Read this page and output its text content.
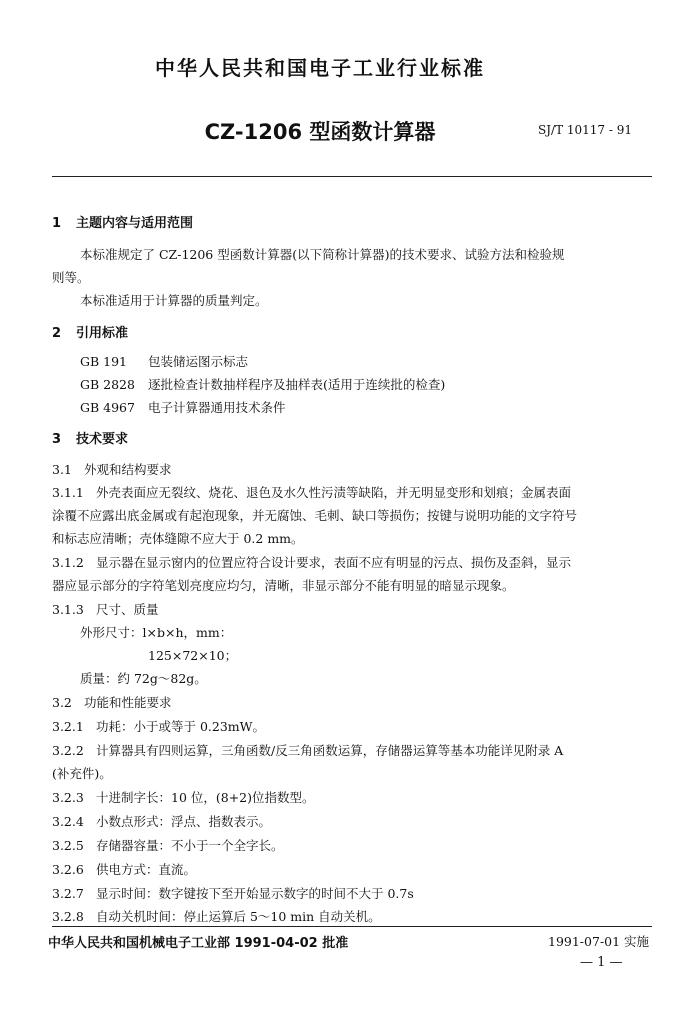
中华人民共和国电子工业行业标准
CZ-1206 型函数计算器	SJ/T 10117 - 91
1 主题内容与适用范围
本标准规定了 CZ-1206 型函数计算器(以下简称计算器)的技术要求、试验方法和检验规
则等。
本标准适用于计算器的质量判定。
2 引用标准
GB 191 包装储运图示标志
GB 2828 逐批检查计数抽样程序及抽样表(适用于连续批的检查)
GB 4967 电子计算器通用技术条件
3 技术要求
3.1 外观和结构要求
3.1.1 外壳表面应无裂纹、烧花、退色及水久性污渍等缺陷，并无明显变形和划痕；金属表面
涂覆不应露出底金属或有起泡现象，并无腐蚀、毛刺、缺口等损伤；按键与说明功能的文字符号
和标志应清晰；壳体缝隙不应大于 0.2 mm。
3.1.2 显示器在显示窗内的位置应符合设计要求，表面不应有明显的污点、损伤及歪斜，显示
器应显示部分的字符笔划亮度应均匀，清晰，非显示部分不能有明显的暗显示现象。
3.1.3 尺寸、质量
外形尺寸：l×b×h，mm：
125×72×10；
质量：约 72g～82g。
3.2 功能和性能要求
3.2.1 功耗：小于或等于 0.23mW。
3.2.2 计算器具有四则运算，三角函数/反三角函数运算，存储器运算等基本功能详见附录 A
(补充件)。
3.2.3 十进制字长：10 位，(8+2)位指数型。
3.2.4 小数点形式：浮点、指数表示。
3.2.5 存储器容量：不小于一个全字长。
3.2.6 供电方式：直流。
3.2.7 显示时间：数字键按下至开始显示数字的时间不大于 0.7s
3.2.8 自动关机时间：停止运算后 5～10 min 自动关机。
中华人民共和国机械电子工业部 1991-04-02 批准	1991-07-01 实施
— 1 —
